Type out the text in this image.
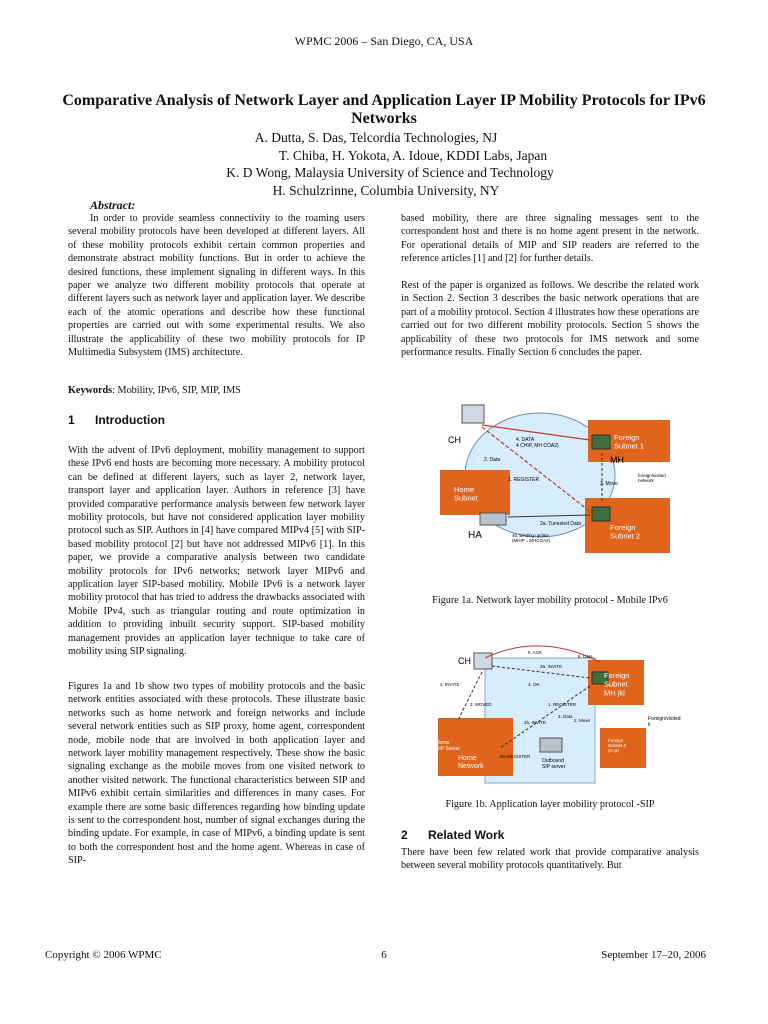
WPMC 2006 – San Diego, CA, USA
Comparative Analysis of Network Layer and Application Layer IP Mobility Protocols for IPv6 Networks
A. Dutta, S. Das, Telcordia Technologies, NJ
T. Chiba, H. Yokota, A. Idoue, KDDI Labs, Japan
K. D Wong, Malaysia University of Science and Technology
H. Schulzrinne, Columbia University, NY
Abstract:

In order to provide seamless connectivity to the roaming users several mobility protocols have been developed at different layers. All of these mobility protocols exhibit certain common properties and demonstrate abstract mobility functions. But in order to achieve the desired functions, these implement signaling in different ways. In this paper we analyze two different mobility protocols that operate at different layers such as network layer and application layer. We describe each of the atomic operations and describe how these functional properties are carried out with some experimental results. We also illustrate the applicability of these two mobility protocols for IP Multimedia Subsystem (IMS) architecture.

Keywords: Mobility, IPv6, SIP, MIP, IMS
1 Introduction

With the advent of IPv6 deployment, mobility management to support these IPv6 end hosts are becoming more necessary. A mobility protocol can be defined at different layers, such as layer 2, network layer, transport layer and application layer. Authors in reference [3] have provided comparative performance analysis between few network layer mobility protocols, but have not considered application layer mobility protocol such as SIP. Authors in [4] have compared MIPv4 [5] with SIP-based mobility protocol [2] but have not addressed MIPv6 [1]. In this paper, we provide a comparative analysis between two candidate mobility protocols for IPv6 networks; network layer MIPv6 and application layer SIP-based mobility. Mobile IPv6 is a network layer mobility protocol that has tried to address the drawbacks associated with Mobile IPv4, such as triangular routing and route optimization in addition to providing inbuilt security support. SIP-based mobility management provides an application layer technique to take care of mobility using SIP signaling.

Figures 1a and 1b show two types of mobility protocols and the basic network entities associated with these protocols. These illustrate basic networks such as home network and foreign networks and include several network entities such as SIP proxy, home agent, correspondent node, mobile node that are involved in both application layer and network layer mobility management respectively. These show the basic signaling exchange as the mobile moves from one visited network to another visited network. The functional characteristics between SIP and MIPv6 exhibit certain similarities and differences in many cases. For example there are some basic differences regarding how binding update is sent to the correspondent host, number of signal exchanges during the binding update. For example, in case of MIPv6, a binding update is sent to both the correspondent host and the home agent. Whereas in case of SIP-

based mobility, there are three signaling messages sent to the correspondent host and there is no home agent present in the network. For operational details of MIP and SIP readers are referred to the reference articles [1] and [2] for further details.

Rest of the paper is organized as follows. We describe the related work in Section 2. Section 3 describes the basic network operations that are part of a mobility protocol. Section 4 illustrates how these operations are carried out for two different mobility protocols. Section 5 shows the applicability of these two protocols for IMS network and some performance results. Finally Section 6 concludes the paper.

CH
HA
MH
Home Subnet
Foreign Subnet 1
Foreign Subnet 2
4. DATA 4 CHIP, MH COA2)
2. Data
1. REGISTER
3. Move
foreign/visited network
2a. Tunneled Data
4b. binding update (MHIP→MHCOA2)
Figure 1a. Network layer mobility protocol - Mobile IPv6
CH
5. ACK
6. Data
3a. INVITE
2. INVITE	4. OK
1. REGISTER
3. MOVED
3. Data
2. Move
4b. INVITE
Foreign Subnet MH jkl
Foreign/visited k
Home SIP Server
Home Network
Re-REGISTER
Outbound SIP server
Foreign Subnet 2 IP=IP
Figure 1b. Application layer mobility protocol -SIP
2 Related Work

There have been few related work that provide comparative analysis between several mobility protocols quantitatively. But

Copyright © 2006 WPMC	6	September 17–20, 2006
